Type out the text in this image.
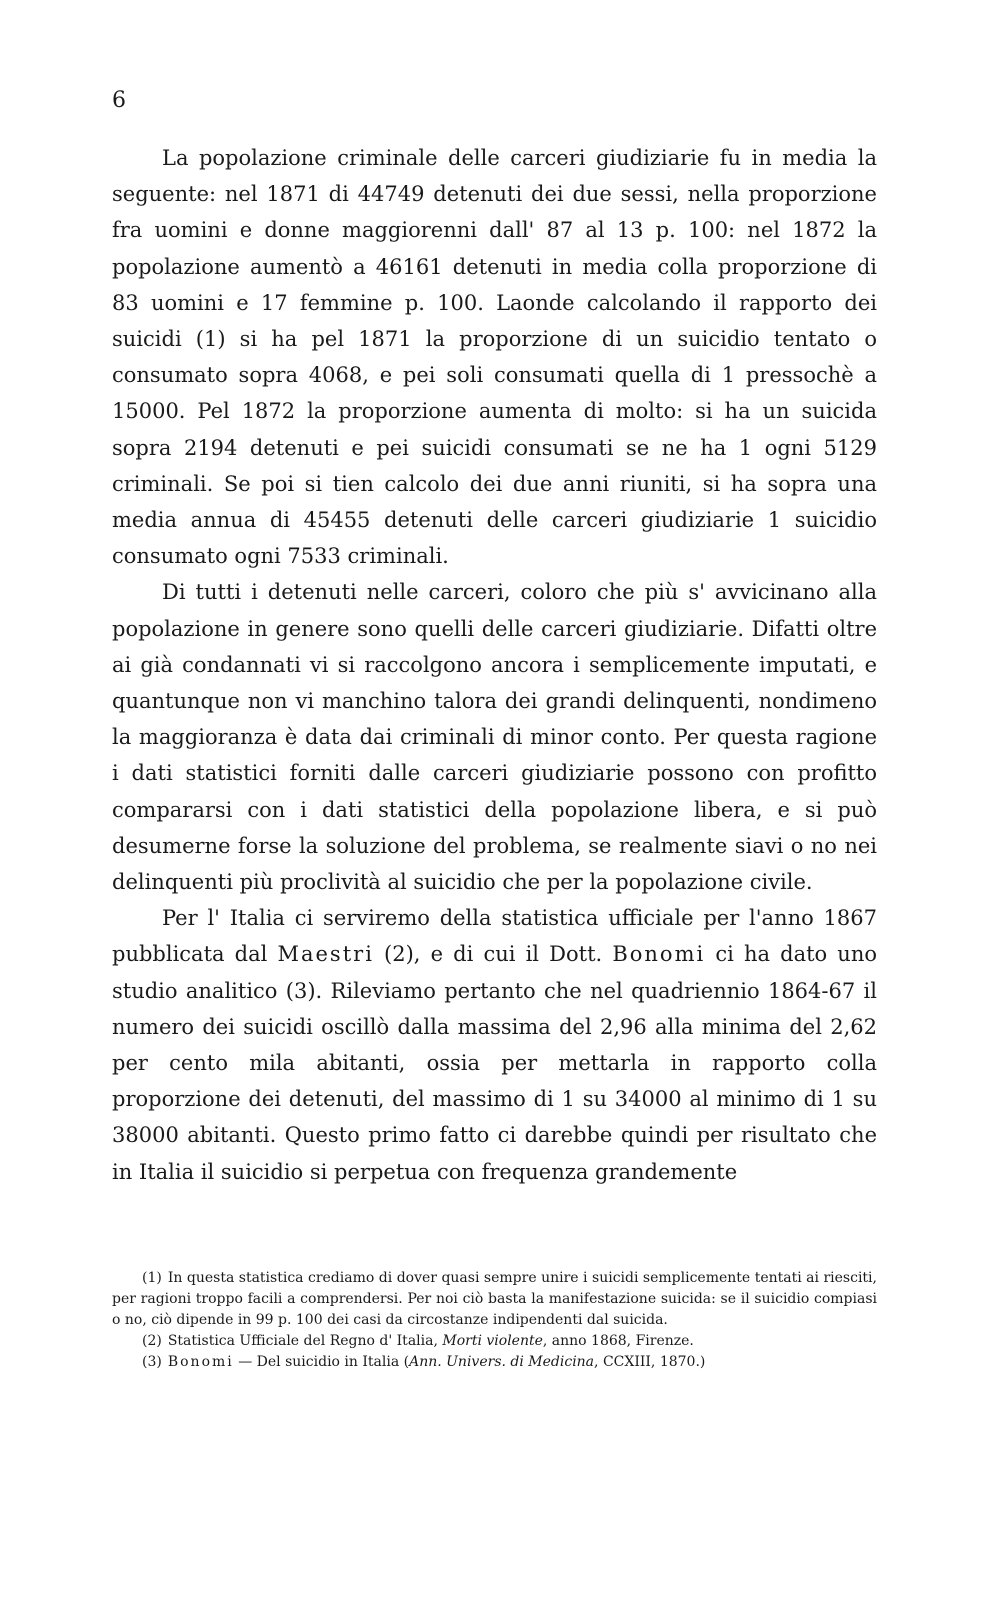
6

La popolazione criminale delle carceri giudiziarie fu in media la seguente: nel 1871 di 44749 detenuti dei due sessi, nella proporzione fra uomini e donne maggiorenni dall' 87 al 13 p. 100: nel 1872 la popolazione aumentò a 46161 detenuti in media colla proporzione di 83 uomini e 17 femmine p. 100. Laonde calcolando il rapporto dei suicidi (1) si ha pel 1871 la proporzione di un suicidio tentato o consumato sopra 4068, e pei soli consumati quella di 1 pressochè a 15000. Pel 1872 la proporzione aumenta di molto: si ha un suicida sopra 2194 detenuti e pei suicidi consumati se ne ha 1 ogni 5129 criminali. Se poi si tien calcolo dei due anni riuniti, si ha sopra una media annua di 45455 detenuti delle carceri giudiziarie 1 suicidio consumato ogni 7533 criminali.

Di tutti i detenuti nelle carceri, coloro che più s' avvicinano alla popolazione in genere sono quelli delle carceri giudiziarie. Difatti oltre ai già condannati vi si raccolgono ancora i semplicemente imputati, e quantunque non vi manchino talora dei grandi delinquenti, nondimeno la maggioranza è data dai criminali di minor conto. Per questa ragione i dati statistici forniti dalle carceri giudiziarie possono con profitto compararsi con i dati statistici della popolazione libera, e si può desumerne forse la soluzione del problema, se realmente siavi o no nei delinquenti più proclività al suicidio che per la popolazione civile.

Per l' Italia ci serviremo della statistica ufficiale per l'anno 1867 pubblicata dal Maestri (2), e di cui il Dott. Bonomi ci ha dato uno studio analitico (3). Rileviamo pertanto che nel quadriennio 1864-67 il numero dei suicidi oscillò dalla massima del 2,96 alla minima del 2,62 per cento mila abitanti, ossia per mettarla in rapporto colla proporzione dei detenuti, del massimo di 1 su 34000 al minimo di 1 su 38000 abitanti. Questo primo fatto ci darebbe quindi per risultato che in Italia il suicidio si perpetua con frequenza grandemente

(1) In questa statistica crediamo di dover quasi sempre unire i suicidi semplicemente tentati ai riesciti, per ragioni troppo facili a comprendersi. Per noi ciò basta la manifestazione suicida: se il suicidio compiasi o no, ciò dipende in 99 p. 100 dei casi da circostanze indipendenti dal suicida.

(2) Statistica Ufficiale del Regno d' Italia, Morti violente, anno 1868, Firenze.

(3) Bonomi — Del suicidio in Italia (Ann. Univers. di Medicina, CCXIII, 1870.)
